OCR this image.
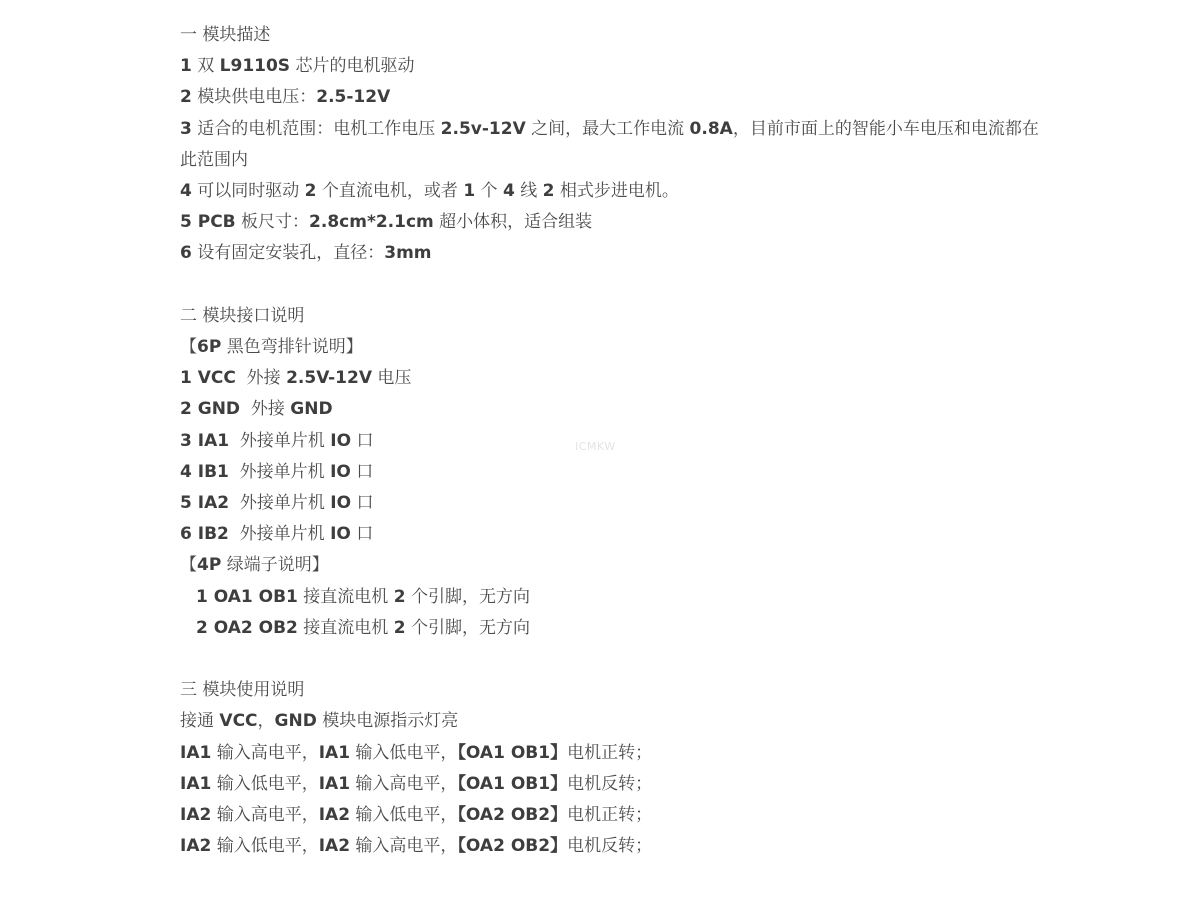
一 模块描述

1 双 L9110S 芯片的电机驱动

2 模块供电电压：2.5-12V

3 适合的电机范围：电机工作电压 2.5v-12V 之间，最大工作电流 0.8A，目前市面上的智能小车电压和电流都在此范围内

4 可以同时驱动 2 个直流电机，或者 1 个 4 线 2 相式步进电机。

5 PCB 板尺寸：2.8cm*2.1cm 超小体积，适合组装

6 设有固定安装孔，直径：3mm

二 模块接口说明

【6P 黑色弯排针说明】

1 VCC  外接 2.5V-12V 电压

2 GND  外接 GND

3 IA1  外接单片机 IO 口

4 IB1  外接单片机 IO 口

5 IA2  外接单片机 IO 口

6 IB2  外接单片机 IO 口

【4P 绿端子说明】

1 OA1 OB1 接直流电机 2 个引脚，无方向

2 OA2 OB2 接直流电机 2 个引脚，无方向

三 模块使用说明

接通 VCC，GND 模块电源指示灯亮

IA1 输入高电平，IA1 输入低电平，【OA1 OB1】电机正转；

IA1 输入低电平，IA1 输入高电平，【OA1 OB1】电机反转；

IA2 输入高电平，IA2 输入低电平，【OA2 OB2】电机正转；

IA2 输入低电平，IA2 输入高电平，【OA2 OB2】电机反转；

ICMKW
